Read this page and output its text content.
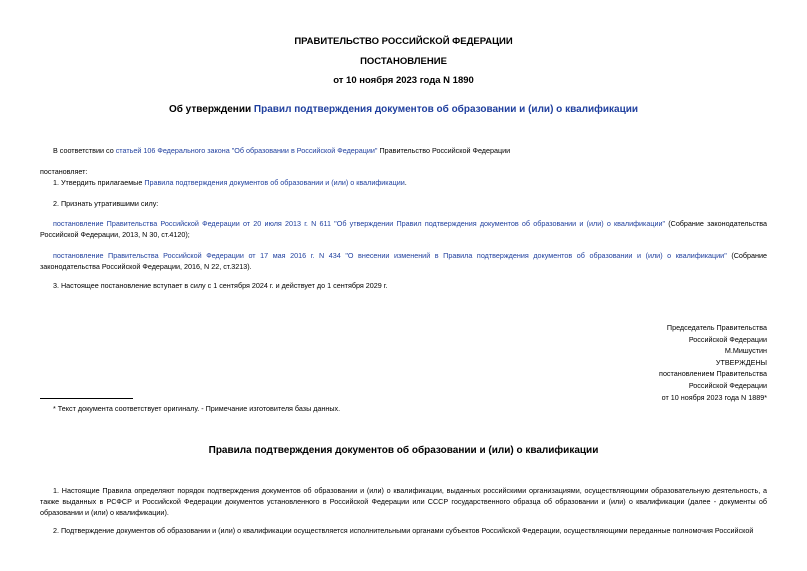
ПРАВИТЕЛЬСТВО РОССИЙСКОЙ ФЕДЕРАЦИИ
ПОСТАНОВЛЕНИЕ
от 10 ноября 2023 года N 1890
Об утверждении Правил подтверждения документов об образовании и (или) о квалификации
В соответствии со статьей 106 Федерального закона "Об образовании в Российской Федерации" Правительство Российской Федерации
постановляет:
1. Утвердить прилагаемые Правила подтверждения документов об образовании и (или) о квалификации.
2. Признать утратившими силу:
постановление Правительства Российской Федерации от 20 июля 2013 г. N 611 "Об утверждении Правил подтверждения документов об образовании и (или) о квалификации" (Собрание законодательства Российской Федерации, 2013, N 30, ст.4120);
постановление Правительства Российской Федерации от 17 мая 2016 г. N 434 "О внесении изменений в Правила подтверждения документов об образовании и (или) о квалификации" (Собрание законодательства Российской Федерации, 2016, N 22, ст.3213).
3. Настоящее постановление вступает в силу с 1 сентября 2024 г. и действует до 1 сентября 2029 г.
Председатель Правительства
Российской Федерации
М.Мишустин
УТВЕРЖДЕНЫ
постановлением Правительства
Российской Федерации
от 10 ноября 2023 года N 1889*
* Текст документа соответствует оригиналу. - Примечание изготовителя базы данных.
Правила подтверждения документов об образовании и (или) о квалификации
1. Настоящие Правила определяют порядок подтверждения документов об образовании и (или) о квалификации, выданных российскими организациями, осуществляющими образовательную деятельность, а также выданных в РСФСР и Российской Федерации документов установленного в Российской Федерации или СССР государственного образца об образовании и (или) о квалификации (далее - документы об образовании и (или) о квалификации).
2. Подтверждение документов об образовании и (или) о квалификации осуществляется исполнительными органами субъектов Российской Федерации, осуществляющими переданные полномочия Российской
